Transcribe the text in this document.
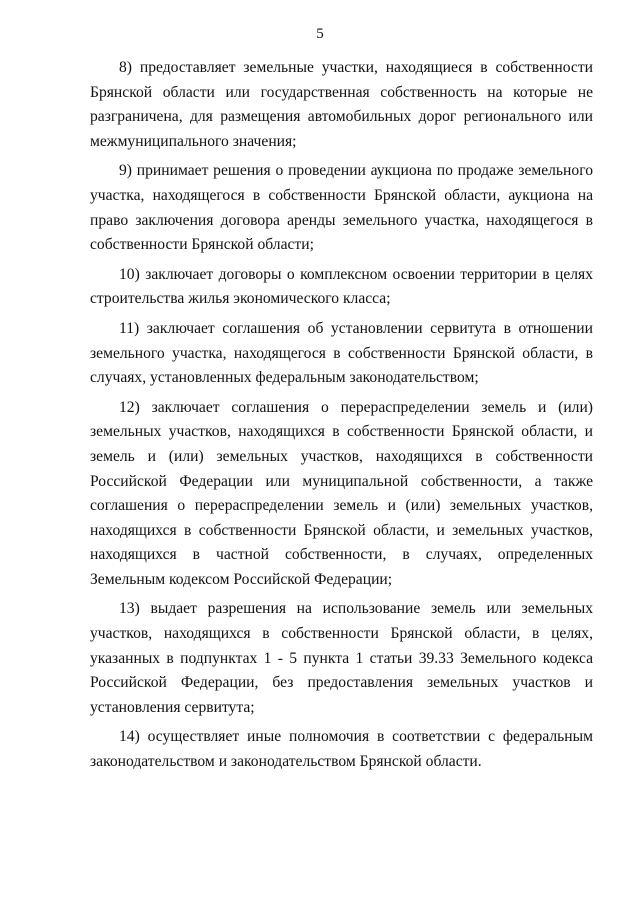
5

8) предоставляет земельные участки, находящиеся в собственности Брянской области или государственная собственность на которые не разграничена, для размещения автомобильных дорог регионального или межмуниципального значения;

9) принимает решения о проведении аукциона по продаже земельного участка, находящегося в собственности Брянской области, аукциона на право заключения договора аренды земельного участка, находящегося в собственности Брянской области;

10) заключает договоры о комплексном освоении территории в целях строительства жилья экономического класса;

11) заключает соглашения об установлении сервитута в отношении земельного участка, находящегося в собственности Брянской области, в случаях, установленных федеральным законодательством;

12) заключает соглашения о перераспределении земель и (или) земельных участков, находящихся в собственности Брянской области, и земель и (или) земельных участков, находящихся в собственности Российской Федерации или муниципальной собственности, а также соглашения о перераспределении земель и (или) земельных участков, находящихся в собственности Брянской области, и земельных участков, находящихся в частной собственности, в случаях, определенных Земельным кодексом Российской Федерации;

13) выдает разрешения на использование земель или земельных участков, находящихся в собственности Брянской области, в целях, указанных в подпунктах 1 - 5 пункта 1 статьи 39.33 Земельного кодекса Российской Федерации, без предоставления земельных участков и установления сервитута;

14) осуществляет иные полномочия в соответствии с федеральным законодательством и законодательством Брянской области.
